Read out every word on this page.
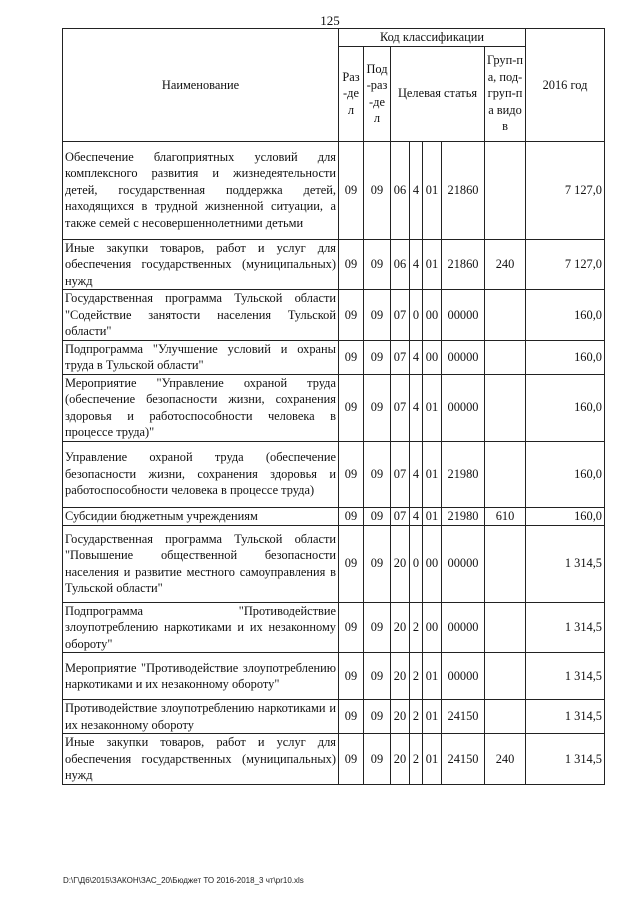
125
Наименование	Код классификации							2016 год

	Раз-дел	Под-раз-дел	Целевая статья				Груп-па, под-груп-па видов	

Обеспечение благоприятных условий для комплексного развития и жизнедеятельности детей, государственная поддержка детей, находящихся в трудной жизненной ситуации, а также семей с несовершеннолетними детьми	09	09	06	4	01	21860		7 127,0
Иные закупки товаров, работ и услуг для обеспечения государственных (муниципальных) нужд	09	09	06	4	01	21860	240	7 127,0
Государственная программа Тульской области "Содействие занятости населения Тульской области"	09	09	07	0	00	00000		160,0
Подпрограмма "Улучшение условий и охраны труда в Тульской области"	09	09	07	4	00	00000		160,0
Мероприятие "Управление охраной труда (обеспечение безопасности жизни, сохранения здоровья и работоспособности человека в процессе труда)"	09	09	07	4	01	00000		160,0
Управление охраной труда (обеспечение безопасности жизни, сохранения здоровья и работоспособности человека в процессе труда)	09	09	07	4	01	21980		160,0
Субсидии бюджетным учреждениям	09	09	07	4	01	21980	610	160,0
Государственная программа Тульской области "Повышение общественной безопасности населения и развитие местного самоуправления в Тульской области"	09	09	20	0	00	00000		1 314,5
Подпрограмма "Противодействие злоупотреблению наркотиками и их незаконному обороту"	09	09	20	2	00	00000		1 314,5
Мероприятие "Противодействие злоупотреблению наркотиками и их незаконному обороту"	09	09	20	2	01	00000		1 314,5
Противодействие злоупотреблению наркотиками и их незаконному обороту	09	09	20	2	01	24150		1 314,5
Иные закупки товаров, работ и услуг для обеспечения государственных (муниципальных) нужд	09	09	20	2	01	24150	240	1 314,5
D:\Г\Д6\2015\ЗАКОН\ЗАС_20\Бюджет ТО 2016-2018_3 чт\pr10.xls
